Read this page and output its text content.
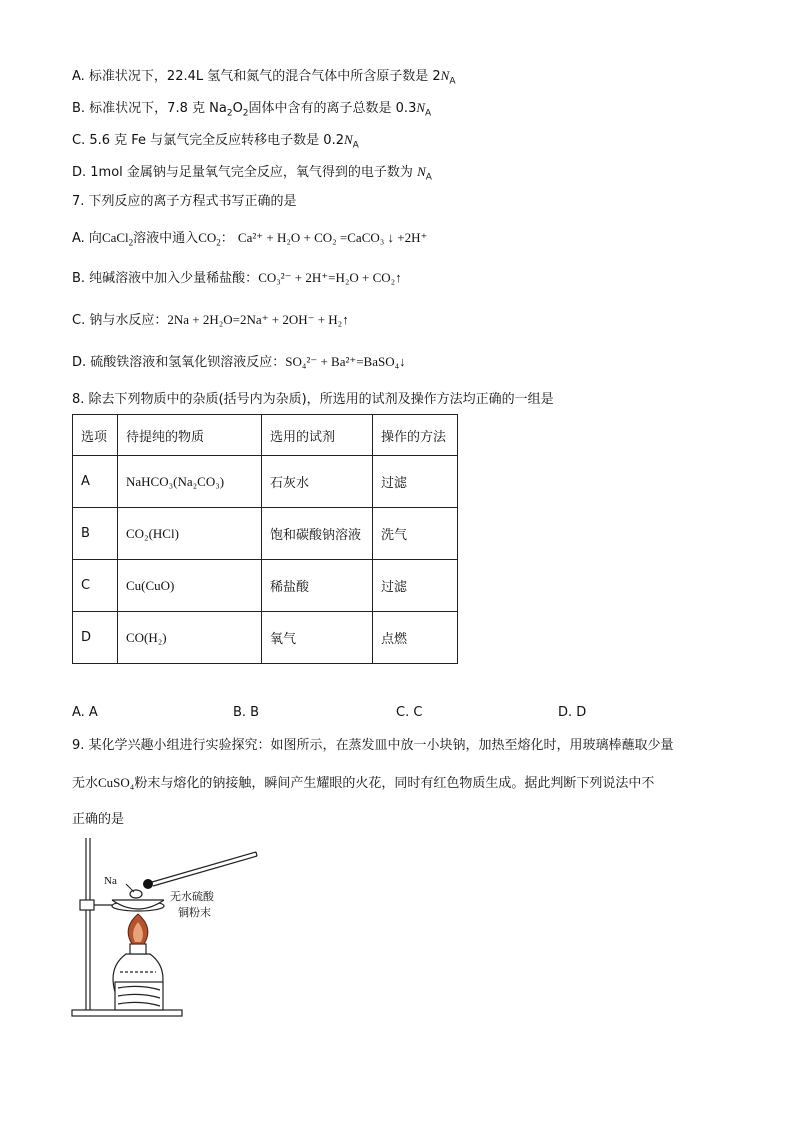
A. 标准状况下，22.4L 氢气和氮气的混合气体中所含原子数是 $2N_A$
B. 标准状况下，7.8 克 $Na_2O_2$固体中含有的离子总数是 $0.3N_A$
C. 5.6 克 Fe 与氯气完全反应转移电子数是 $0.2N_A$
D. 1mol 金属钠与足量氧气完全反应，氧气得到的电子数为 $N_A$
7. 下列反应的离子方程式书写正确的是
A. 向CaCl$_2$溶液中通入$CO_2$： Ca²⁺ + H₂O + CO₂ =CaCO₃ ↓ +2H⁺
B. 纯碱溶液中加入少量稀盐酸：CO₃²⁻ + 2H⁺=H₂O + CO₂↑
C. 钠与水反应：2Na + 2H₂O=2Na⁺ + 2OH⁻ + H₂↑
D. 硫酸铁溶液和氢氧化钡溶液反应：SO₄²⁻ + Ba²⁺=BaSO₄↓
8. 除去下列物质中的杂质(括号内为杂质)，所选用的试剂及操作方法均正确的一组是
选项	待提纯的物质	选用的试剂	操作的方法
A	NaHCO₃(Na₂CO₃)	石灰水	过滤
B	CO₂(HCl)	饱和碳酸钠溶液	洗气
C	Cu(CuO)	稀盐酸	过滤
D	CO(H₂)	氧气	点燃
A. A	B. B	C. C	D. D
9. 某化学兴趣小组进行实验探究：如图所示，在蒸发皿中放一小块钠，加热至熔化时，用玻璃棒蘸取少量
无水CuSO₄粉末与熔化的钠接触，瞬间产生耀眼的火花，同时有红色物质生成。据此判断下列说法中不
正确的是
Na
无水硫酸
铜粉末
